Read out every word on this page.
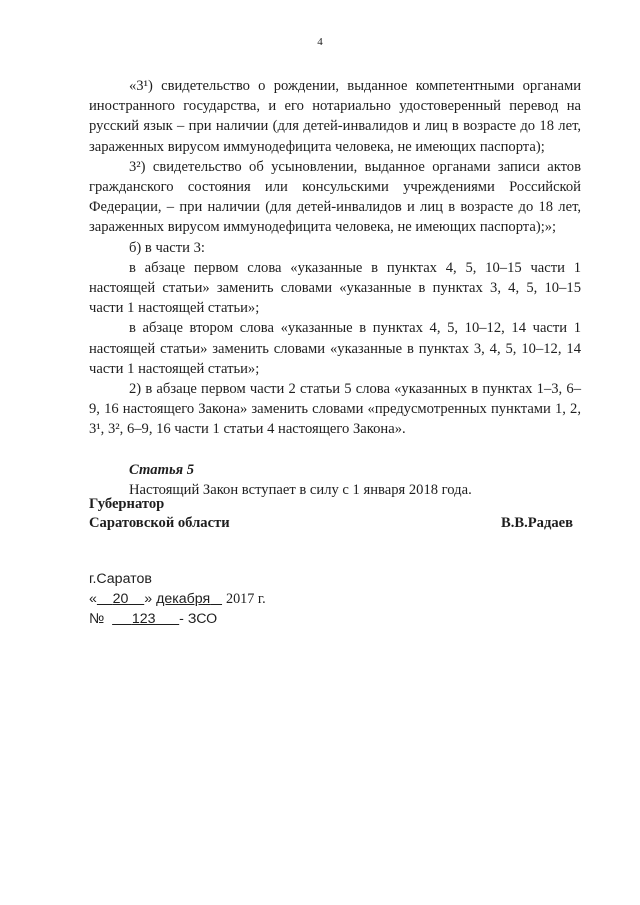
4

«3¹) свидетельство о рождении, выданное компетентными органами иностранного государства, и его нотариально удостоверенный перевод на русский язык – при наличии (для детей-инвалидов и лиц в возрасте до 18 лет, зараженных вирусом иммунодефицита человека, не имеющих паспорта);

3²) свидетельство об усыновлении, выданное органами записи актов гражданского состояния или консульскими учреждениями Российской Федерации, – при наличии (для детей-инвалидов и лиц в возрасте до 18 лет, зараженных вирусом иммунодефицита человека, не имеющих паспорта);»;

б) в части 3:

в абзаце первом слова «указанные в пунктах 4, 5, 10–15 части 1 настоящей статьи» заменить словами «указанные в пунктах 3, 4, 5, 10–15 части 1 настоящей статьи»;

в абзаце втором слова «указанные в пунктах 4, 5, 10–12, 14 части 1 настоящей статьи» заменить словами «указанные в пунктах 3, 4, 5, 10–12, 14 части 1 настоящей статьи»;

2) в абзаце первом части 2 статьи 5 слова «указанных в пунктах 1–3, 6–9, 16 настоящего Закона» заменить словами «предусмотренных пунктами 1, 2, 3¹, 3², 6–9, 16 части 1 статьи 4 настоящего Закона».

Статья 5

Настоящий Закон вступает в силу с 1 января 2018 года.

Губернатор
Саратовской области	В.В.Радаев
г.Саратов
« 20 » декабря 2017 г.
№ 123 - ЗСО
